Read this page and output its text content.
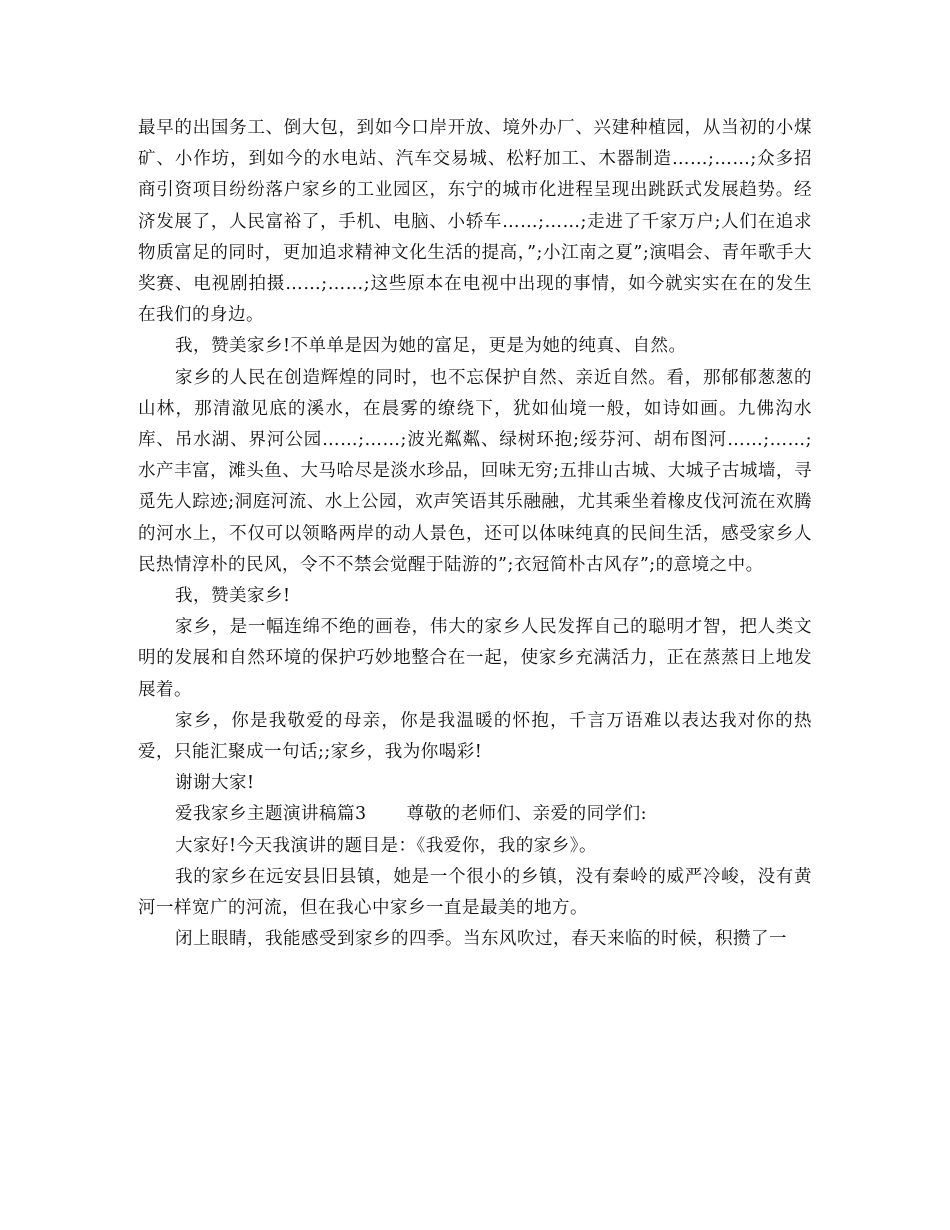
最早的出国务工、倒大包，到如今口岸开放、境外办厂、兴建种植园，从当初的小煤矿、小作坊，到如今的水电站、汽车交易城、松籽加工、木器制造……;……;众多招商引资项目纷纷落户家乡的工业园区，东宁的城市化进程呈现出跳跃式发展趋势。经济发展了，人民富裕了，手机、电脑、小轿车……;……;走进了千家万户;人们在追求物质富足的同时，更加追求精神文化生活的提高，”;小江南之夏”;演唱会、青年歌手大奖赛、电视剧拍摄……;……;这些原本在电视中出现的事情，如今就实实在在的发生在我们的身边。

我，赞美家乡!不单单是因为她的富足，更是为她的纯真、自然。

家乡的人民在创造辉煌的同时，也不忘保护自然、亲近自然。看，那郁郁葱葱的山林，那清澈见底的溪水，在晨雾的缭绕下，犹如仙境一般，如诗如画。九佛沟水库、吊水湖、界河公园……;……;波光粼粼、绿树环抱;绥芬河、胡布图河……;……;水产丰富，滩头鱼、大马哈尽是淡水珍品，回味无穷;五排山古城、大城子古城墙，寻觅先人踪迹;洞庭河流、水上公园，欢声笑语其乐融融，尤其乘坐着橡皮伐河流在欢腾的河水上，不仅可以领略两岸的动人景色，还可以体味纯真的民间生活，感受家乡人民热情淳朴的民风，令不不禁会觉醒于陆游的”;衣冠简朴古风存”;的意境之中。

我，赞美家乡!

家乡，是一幅连绵不绝的画卷，伟大的家乡人民发挥自己的聪明才智，把人类文明的发展和自然环境的保护巧妙地整合在一起，使家乡充满活力，正在蒸蒸日上地发展着。

家乡，你是我敬爱的母亲，你是我温暖的怀抱，千言万语难以表达我对你的热爱，只能汇聚成一句话;;家乡，我为你喝彩!

谢谢大家!

爱我家乡主题演讲稿篇3 尊敬的老师们、亲爱的同学们:

大家好!今天我演讲的题目是：《我爱你，我的家乡》。

我的家乡在远安县旧县镇，她是一个很小的乡镇，没有秦岭的威严冷峻，没有黄河一样宽广的河流，但在我心中家乡一直是最美的地方。

闭上眼睛，我能感受到家乡的四季。当东风吹过，春天来临的时候，积攒了一
